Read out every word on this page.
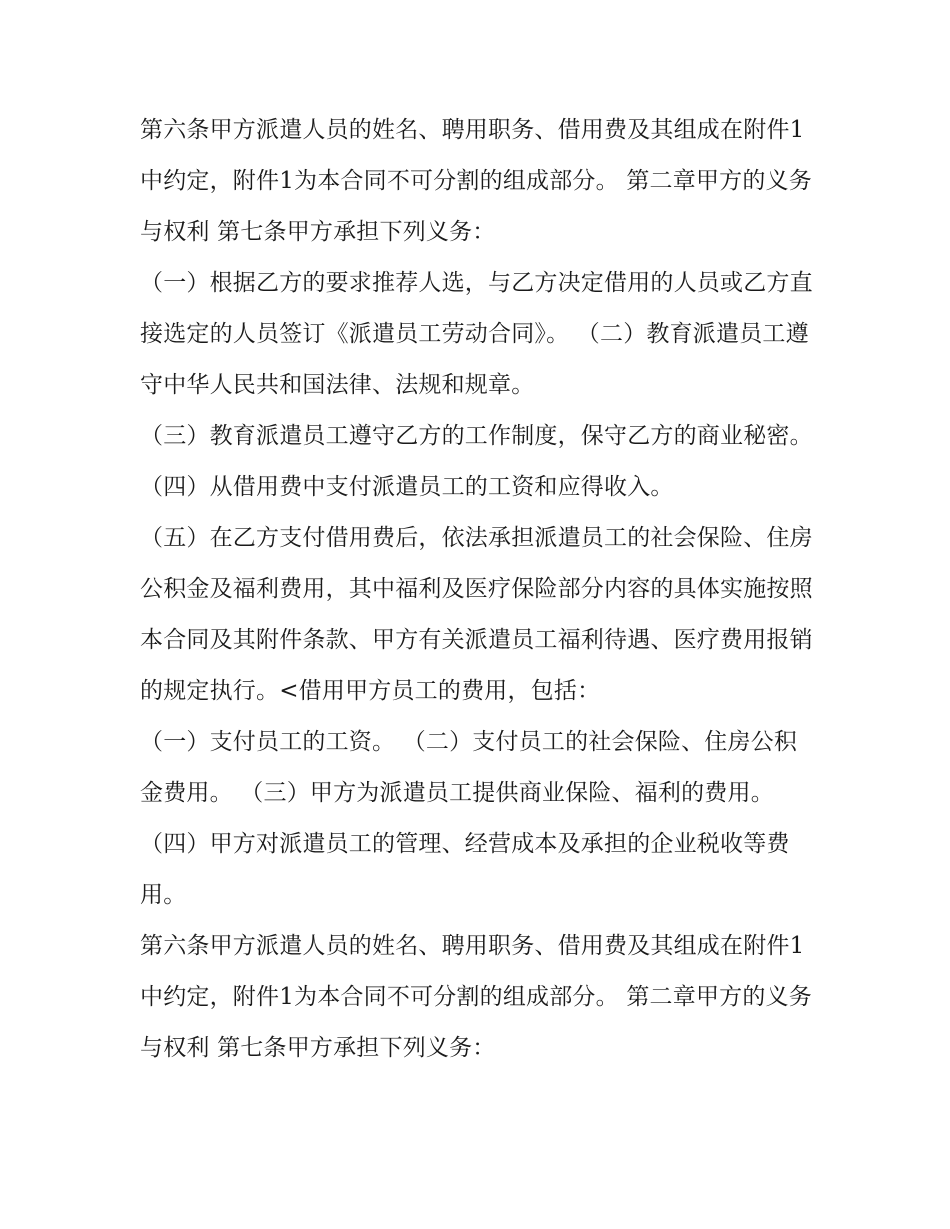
第六条甲方派遣人员的姓名、聘用职务、借用费及其组成在附件1中约定，附件1为本合同不可分割的组成部分。 第二章甲方的义务与权利 第七条甲方承担下列义务：

（一）根据乙方的要求推荐人选，与乙方决定借用的人员或乙方直接选定的人员签订《派遣员工劳动合同》。 （二）教育派遣员工遵守中华人民共和国法律、法规和规章。

（三）教育派遣员工遵守乙方的工作制度，保守乙方的商业秘密。 （四）从借用费中支付派遣员工的工资和应得收入。

（五）在乙方支付借用费后，依法承担派遣员工的社会保险、住房公积金及福利费用，其中福利及医疗保险部分内容的具体实施按照本合同及其附件条款、甲方有关派遣员工福利待遇、医疗费用报销的规定执行。<借用甲方员工的费用，包括：

（一）支付员工的工资。 （二）支付员工的社会保险、住房公积金费用。 （三）甲方为派遣员工提供商业保险、福利的费用。

（四）甲方对派遣员工的管理、经营成本及承担的企业税收等费用。

第六条甲方派遣人员的姓名、聘用职务、借用费及其组成在附件1中约定，附件1为本合同不可分割的组成部分。 第二章甲方的义务与权利 第七条甲方承担下列义务：
